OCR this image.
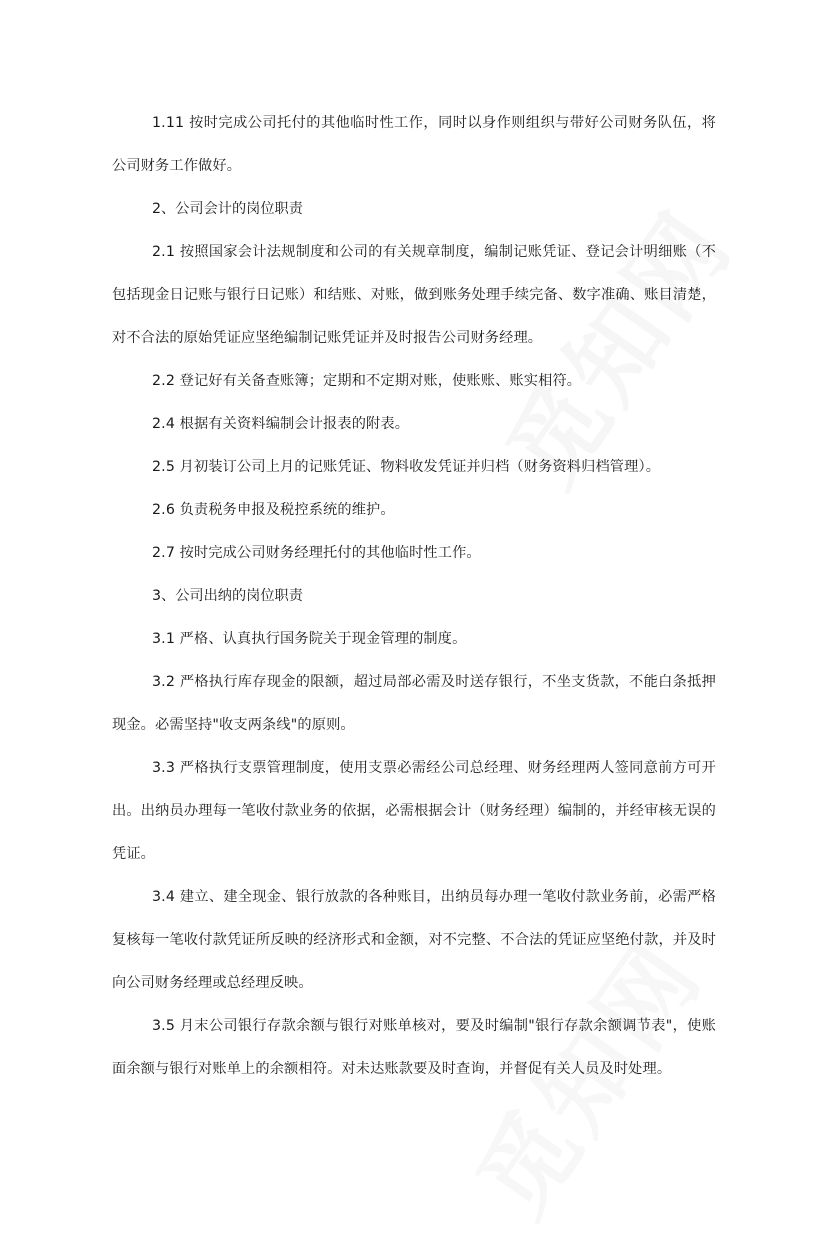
1.11 按时完成公司托付的其他临时性工作，同时以身作则组织与带好公司财务队伍，将公司财务工作做好。

2、公司会计的岗位职责

2.1 按照国家会计法规制度和公司的有关规章制度，编制记账凭证、登记会计明细账（不包括现金日记账与银行日记账）和结账、对账，做到账务处理手续完备、数字准确、账目清楚，对不合法的原始凭证应坚绝编制记账凭证并及时报告公司财务经理。

2.2 登记好有关备查账簿；定期和不定期对账，使账账、账实相符。

2.4 根据有关资料编制会计报表的附表。

2.5 月初装订公司上月的记账凭证、物料收发凭证并归档（财务资料归档管理）。

2.6 负责税务申报及税控系统的维护。

2.7 按时完成公司财务经理托付的其他临时性工作。

3、公司出纳的岗位职责

3.1 严格、认真执行国务院关于现金管理的制度。

3.2 严格执行库存现金的限额，超过局部必需及时送存银行，不坐支货款，不能白条抵押现金。必需坚持"收支两条线"的原则。

3.3 严格执行支票管理制度，使用支票必需经公司总经理、财务经理两人签同意前方可开出。出纳员办理每一笔收付款业务的依据，必需根据会计（财务经理）编制的，并经审核无误的凭证。

3.4 建立、建全现金、银行放款的各种账目，出纳员每办理一笔收付款业务前，必需严格复核每一笔收付款凭证所反映的经济形式和金额，对不完整、不合法的凭证应坚绝付款，并及时向公司财务经理或总经理反映。

3.5 月末公司银行存款余额与银行对账单核对，要及时编制"银行存款余额调节表"，使账面余额与银行对账单上的余额相符。对未达账款要及时查询，并督促有关人员及时处理。
